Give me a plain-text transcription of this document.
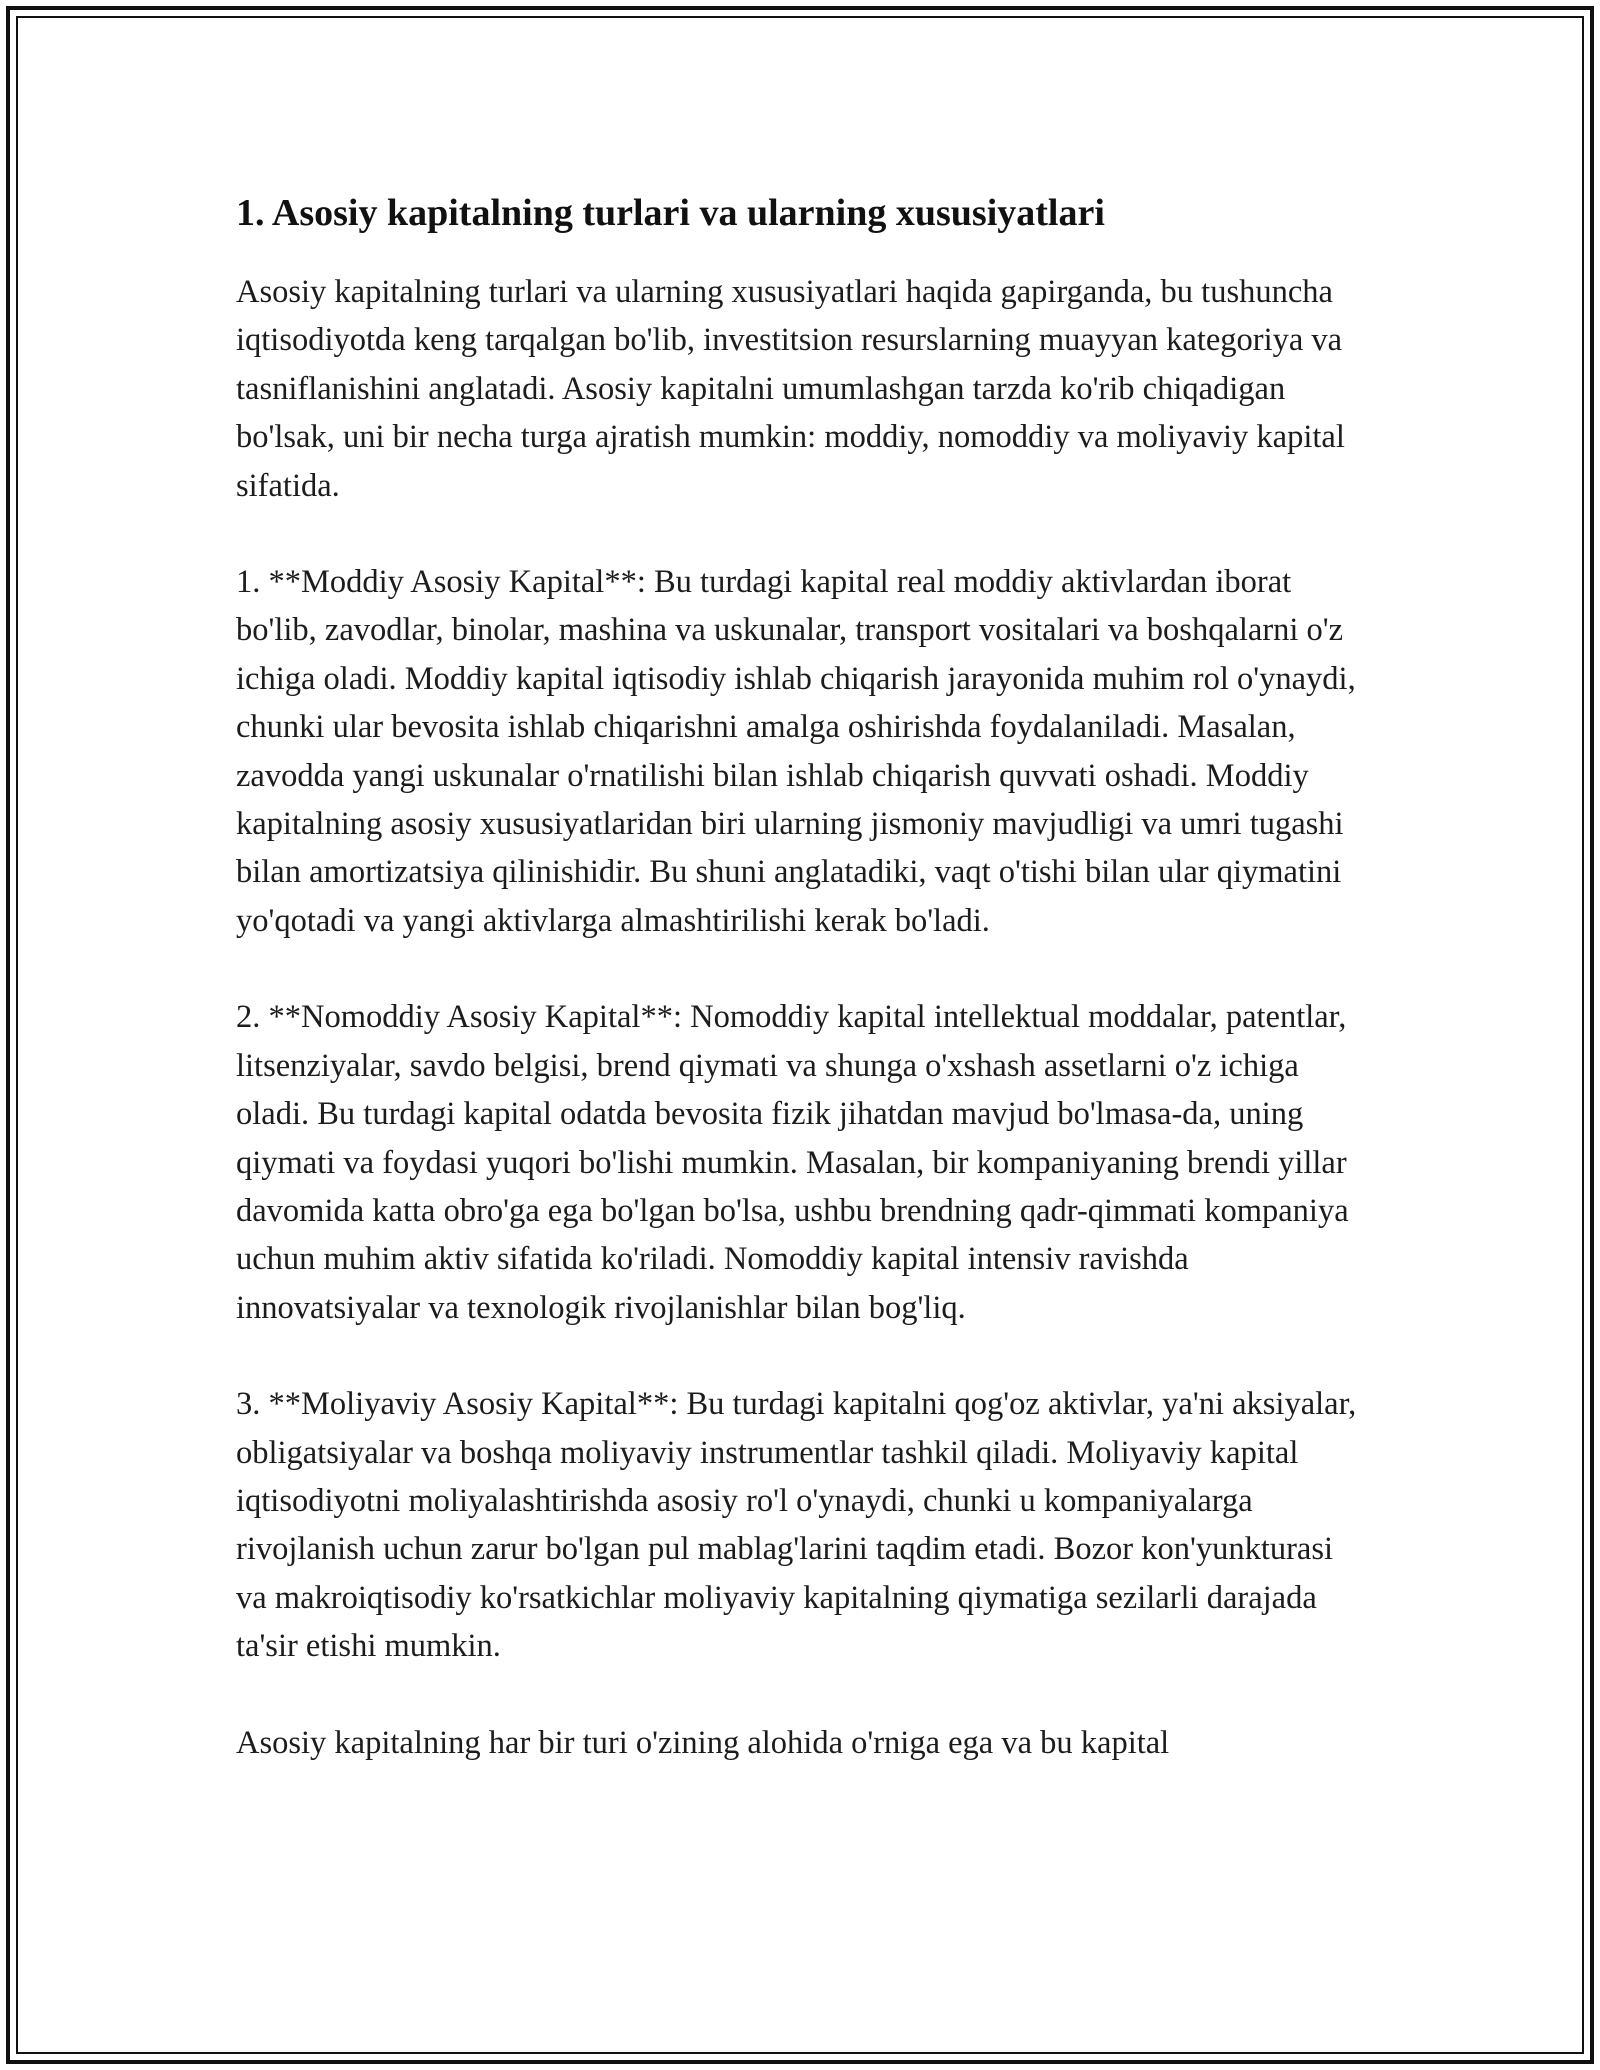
1. Asosiy kapitalning turlari va ularning xususiyatlari

Asosiy kapitalning turlari va ularning xususiyatlari haqida gapirganda, bu tushuncha iqtisodiyotda keng tarqalgan bo'lib, investitsion resurslarning muayyan kategoriya va tasniflanishini anglatadi. Asosiy kapitalni umumlashgan tarzda ko'rib chiqadigan bo'lsak, uni bir necha turga ajratish mumkin: moddiy, nomoddiy va moliyaviy kapital sifatida.

1. **Moddiy Asosiy Kapital**: Bu turdagi kapital real moddiy aktivlardan iborat bo'lib, zavodlar, binolar, mashina va uskunalar, transport vositalari va boshqalarni o'z ichiga oladi. Moddiy kapital iqtisodiy ishlab chiqarish jarayonida muhim rol o'ynaydi, chunki ular bevosita ishlab chiqarishni amalga oshirishda foydalaniladi. Masalan, zavodda yangi uskunalar o'rnatilishi bilan ishlab chiqarish quvvati oshadi. Moddiy kapitalning asosiy xususiyatlaridan biri ularning jismoniy mavjudligi va umri tugashi bilan amortizatsiya qilinishidir. Bu shuni anglatadiki, vaqt o'tishi bilan ular qiymatini yo'qotadi va yangi aktivlarga almashtirilishi kerak bo'ladi.

2. **Nomoddiy Asosiy Kapital**: Nomoddiy kapital intellektual moddalar, patentlar, litsenziyalar, savdo belgisi, brend qiymati va shunga o'xshash assetlarni o'z ichiga oladi. Bu turdagi kapital odatda bevosita fizik jihatdan mavjud bo'lmasa-da, uning qiymati va foydasi yuqori bo'lishi mumkin. Masalan, bir kompaniyaning brendi yillar davomida katta obro'ga ega bo'lgan bo'lsa, ushbu brendning qadr-qimmati kompaniya uchun muhim aktiv sifatida ko'riladi. Nomoddiy kapital intensiv ravishda innovatsiyalar va texnologik rivojlanishlar bilan bog'liq.

3. **Moliyaviy Asosiy Kapital**: Bu turdagi kapitalni qog'oz aktivlar, ya'ni aksiyalar, obligatsiyalar va boshqa moliyaviy instrumentlar tashkil qiladi. Moliyaviy kapital iqtisodiyotni moliyalashtirishda asosiy ro'l o'ynaydi, chunki u kompaniyalarga rivojlanish uchun zarur bo'lgan pul mablag'larini taqdim etadi. Bozor kon'yunkturasi va makroiqtisodiy ko'rsatkichlar moliyaviy kapitalning qiymatiga sezilarli darajada ta'sir etishi mumkin.

Asosiy kapitalning har bir turi o'zining alohida o'rniga ega va bu kapital
